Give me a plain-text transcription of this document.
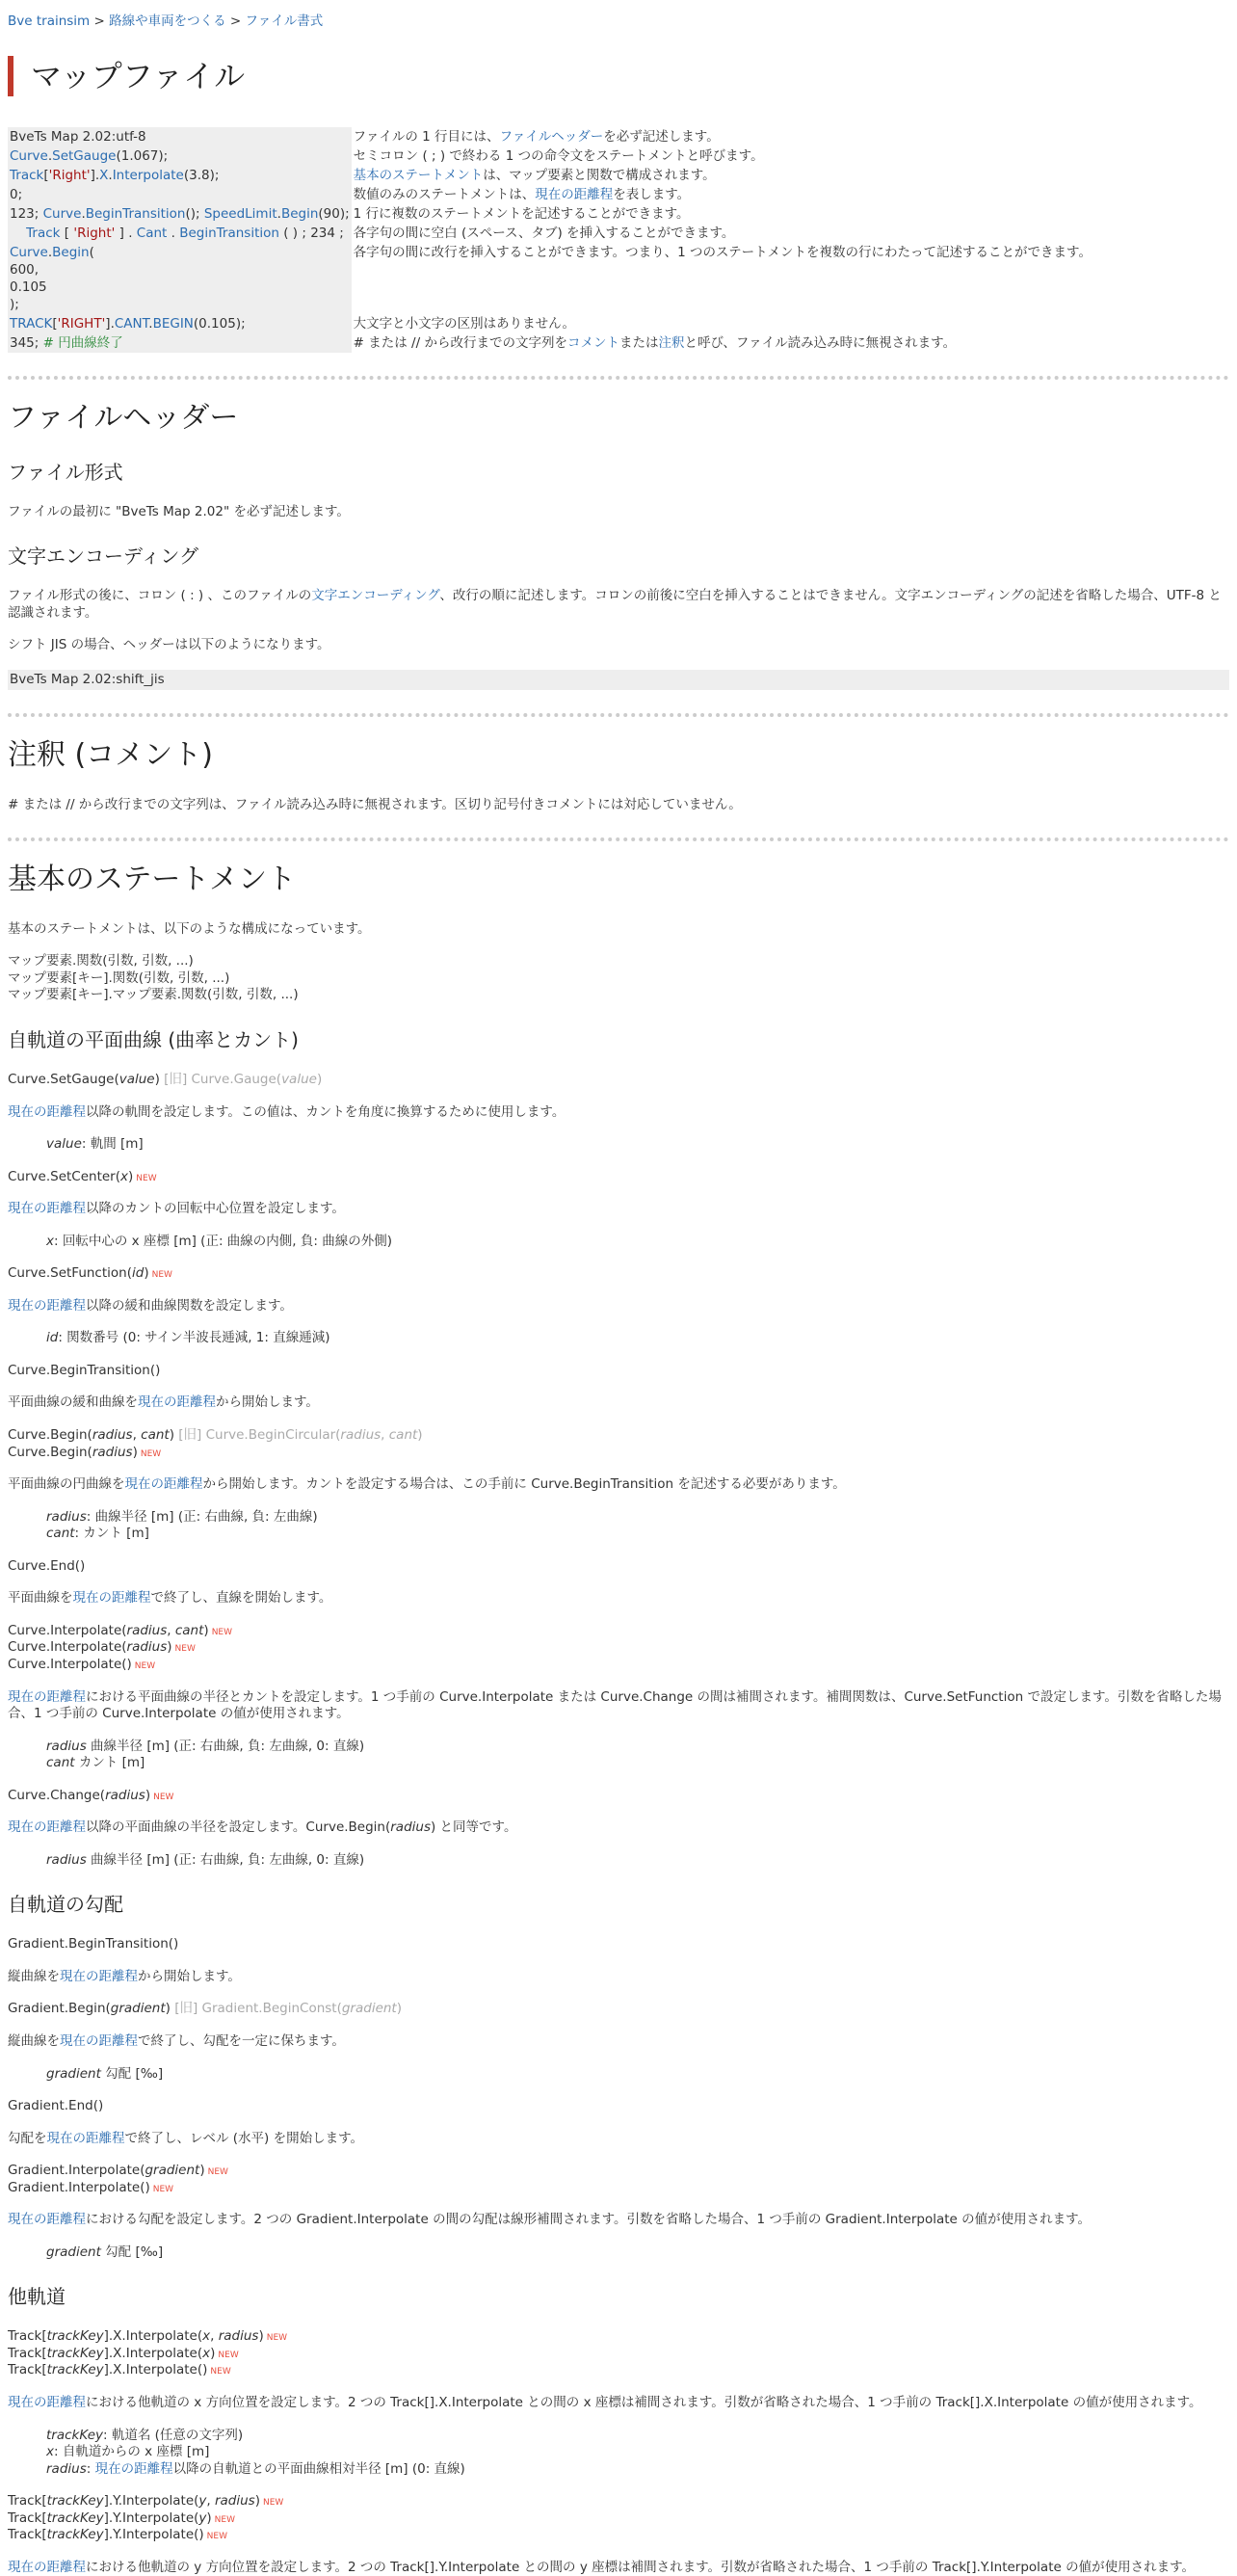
Bve trainsim > 路線や車両をつくる > ファイル書式
マップファイル
BveTs Map 2.02:utf-8	ファイルの 1 行目には、ファイルヘッダーを必ず記述します。
Curve.SetGauge(1.067);	セミコロン ( ; ) で終わる 1 つの命令文をステートメントと呼びます。
Track['Right'].X.Interpolate(3.8);	基本のステートメントは、マップ要素と関数で構成されます。
0;	数値のみのステートメントは、現在の距離程を表します。
123; Curve.BeginTransition(); SpeedLimit.Begin(90);	1 行に複数のステートメントを記述することができます。
Track [ 'Right' ] . Cant . BeginTransition ( ) ; 234 ;	各字句の間に空白 (スペース、タブ) を挿入することができます。
Curve.Begin(
600,
0.105
);	各字句の間に改行を挿入することができます。つまり、1 つのステートメントを複数の行にわたって記述することができます。
TRACK['RIGHT'].CANT.BEGIN(0.105);	大文字と小文字の区別はありません。
345; # 円曲線終了	# または // から改行までの文字列をコメントまたは注釈と呼び、ファイル読み込み時に無視されます。
ファイルヘッダー
ファイル形式

ファイルの最初に "BveTs Map 2.02" を必ず記述します。

文字エンコーディング

ファイル形式の後に、コロン ( : ) 、このファイルの文字エンコーディング、改行の順に記述します。コロンの前後に空白を挿入することはできません。文字エンコーディングの記述を省略した場合、UTF-8 と認識されます。

シフト JIS の場合、ヘッダーは以下のようになります。

BveTs Map 2.02:shift_jis
注釈 (コメント)

# または // から改行までの文字列は、ファイル読み込み時に無視されます。区切り記号付きコメントには対応していません。

基本のステートメント

基本のステートメントは、以下のような構成になっています。

マップ要素.関数(引数, 引数, ...)
マップ要素[キー].関数(引数, 引数, ...)
マップ要素[キー].マップ要素.関数(引数, 引数, ...)

自軌道の平面曲線 (曲率とカント)
Curve.SetGauge(value) [旧] Curve.Gauge(value)

現在の距離程以降の軌間を設定します。この値は、カントを角度に換算するために使用します。

value: 軌間 [m]
Curve.SetCenter(x) NEW

現在の距離程以降のカントの回転中心位置を設定します。

x: 回転中心の x 座標 [m] (正: 曲線の内側, 負: 曲線の外側)
Curve.SetFunction(id) NEW

現在の距離程以降の緩和曲線関数を設定します。

id: 関数番号 (0: サイン半波長逓減, 1: 直線逓減)
Curve.BeginTransition()

平面曲線の緩和曲線を現在の距離程から開始します。

Curve.Begin(radius, cant) [旧] Curve.BeginCircular(radius, cant)
Curve.Begin(radius) NEW

平面曲線の円曲線を現在の距離程から開始します。カントを設定する場合は、この手前に Curve.BeginTransition を記述する必要があります。

radius: 曲線半径 [m] (正: 右曲線, 負: 左曲線)
cant: カント [m]
Curve.End()

平面曲線を現在の距離程で終了し、直線を開始します。

Curve.Interpolate(radius, cant) NEW
Curve.Interpolate(radius) NEW
Curve.Interpolate() NEW

現在の距離程における平面曲線の半径とカントを設定します。1 つ手前の Curve.Interpolate または Curve.Change の間は補間されます。補間関数は、Curve.SetFunction で設定します。引数を省略した場合、1 つ手前の Curve.Interpolate の値が使用されます。

radius 曲線半径 [m] (正: 右曲線, 負: 左曲線, 0: 直線)
cant カント [m]
Curve.Change(radius) NEW

現在の距離程以降の平面曲線の半径を設定します。Curve.Begin(radius) と同等です。

radius 曲線半径 [m] (正: 右曲線, 負: 左曲線, 0: 直線)
自軌道の勾配
Gradient.BeginTransition()

縦曲線を現在の距離程から開始します。

Gradient.Begin(gradient) [旧] Gradient.BeginConst(gradient)

縦曲線を現在の距離程で終了し、勾配を一定に保ちます。

gradient 勾配 [‰]
Gradient.End()

勾配を現在の距離程で終了し、レベル (水平) を開始します。

Gradient.Interpolate(gradient) NEW
Gradient.Interpolate() NEW

現在の距離程における勾配を設定します。2 つの Gradient.Interpolate の間の勾配は線形補間されます。引数を省略した場合、1 つ手前の Gradient.Interpolate の値が使用されます。

gradient 勾配 [‰]
他軌道
Track[trackKey].X.Interpolate(x, radius) NEW
Track[trackKey].X.Interpolate(x) NEW
Track[trackKey].X.Interpolate() NEW

現在の距離程における他軌道の x 方向位置を設定します。2 つの Track[].X.Interpolate との間の x 座標は補間されます。引数が省略された場合、1 つ手前の Track[].X.Interpolate の値が使用されます。

trackKey: 軌道名 (任意の文字列)
x: 自軌道からの x 座標 [m]
radius: 現在の距離程以降の自軌道との平面曲線相対半径 [m] (0: 直線)
Track[trackKey].Y.Interpolate(y, radius) NEW
Track[trackKey].Y.Interpolate(y) NEW
Track[trackKey].Y.Interpolate() NEW

現在の距離程における他軌道の y 方向位置を設定します。2 つの Track[].Y.Interpolate との間の y 座標は補間されます。引数が省略された場合、1 つ手前の Track[].Y.Interpolate の値が使用されます。
